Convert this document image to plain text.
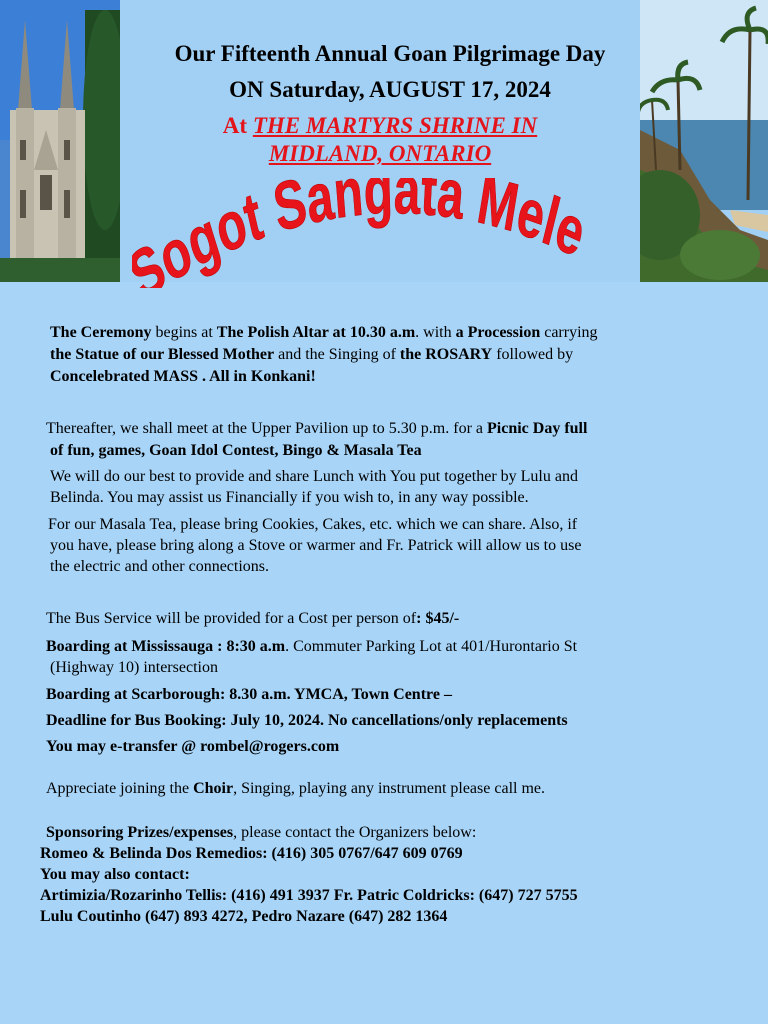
Our Fifteenth Annual Goan Pilgrimage Day
ON Saturday, AUGUST 17, 2024
At THE MARTYRS SHRINE IN
MIDLAND, ONTARIO
ogot Sangata Mele

The Ceremony begins at The Polish Altar at 10.30 a.m. with a Procession carrying

the Statue of our Blessed Mother and the Singing of the ROSARY followed by

Concelebrated MASS . All in Konkani!

Thereafter, we shall meet at the Upper Pavilion up to 5.30 p.m. for a Picnic Day full

of fun, games, Goan Idol Contest, Bingo & Masala Tea

We will do our best to provide and share Lunch with You put together by Lulu and

Belinda. You may assist us Financially if you wish to, in any way possible.

For our Masala Tea, please bring Cookies, Cakes, etc. which we can share. Also, if

you have, please bring along a Stove or warmer and Fr. Patrick will allow us to use

the electric and other connections.

The Bus Service will be provided for a Cost per person of: $45/-

Boarding at Mississauga : 8:30 a.m. Commuter Parking Lot at 401/Hurontario St

(Highway 10) intersection

Boarding at Scarborough: 8.30 a.m. YMCA, Town Centre –

Deadline for Bus Booking: July 10, 2024. No cancellations/only replacements

You may e-transfer @ rombel@rogers.com

Appreciate joining the Choir, Singing, playing any instrument please call me.

Sponsoring Prizes/expenses, please contact the Organizers below:

Romeo & Belinda Dos Remedios: (416) 305 0767/647 609 0769

You may also contact:

Artimizia/Rozarinho Tellis: (416) 491 3937 Fr. Patric Coldricks: (647) 727 5755

Lulu Coutinho (647) 893 4272, Pedro Nazare (647) 282 1364
